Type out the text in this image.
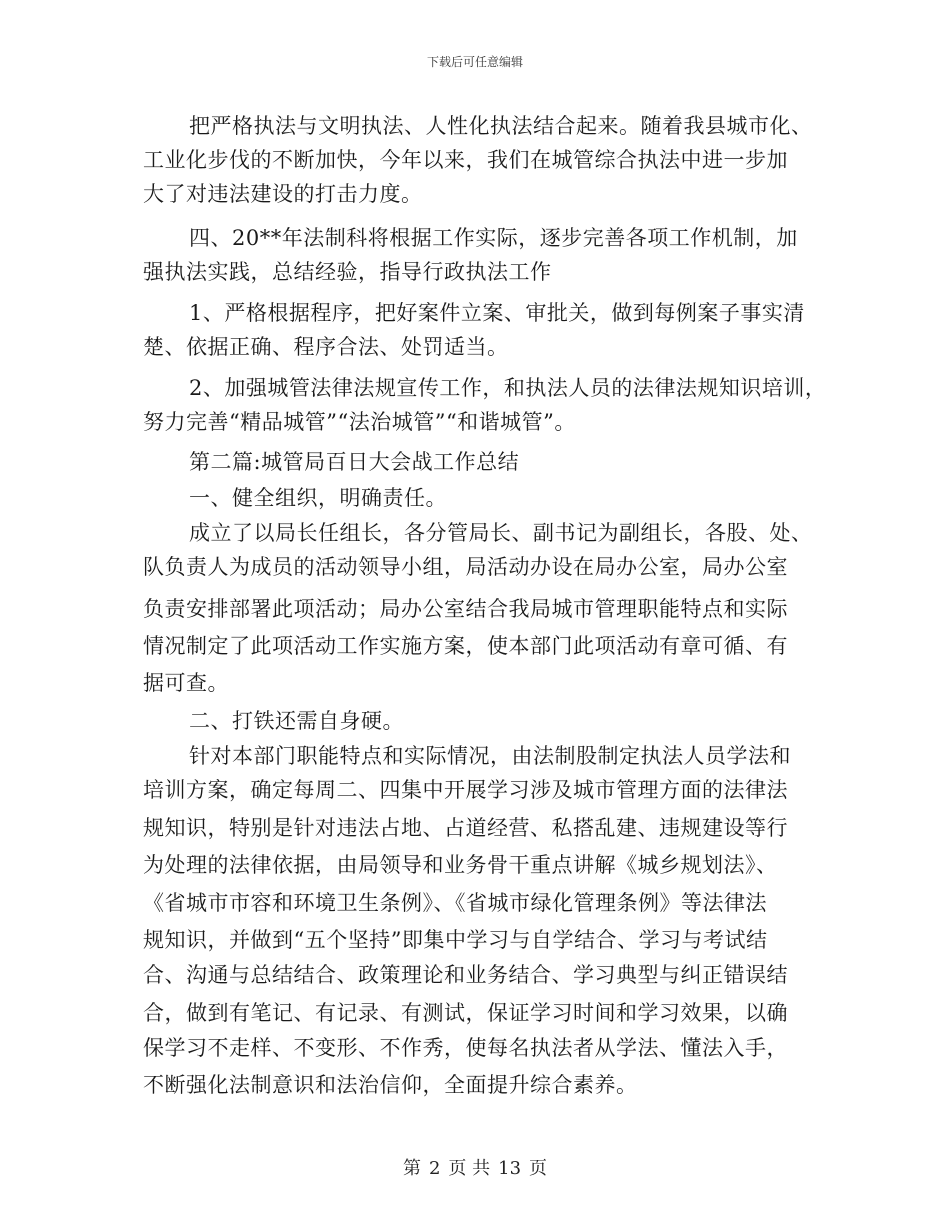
下载后可任意编辑
把严格执法与文明执法、人性化执法结合起来。随着我县城市化、
工业化步伐的不断加快，今年以来，我们在城管综合执法中进一步加
大了对违法建设的打击力度。
四、20**年法制科将根据工作实际，逐步完善各项工作机制，加
强执法实践，总结经验，指导行政执法工作
1、严格根据程序，把好案件立案、审批关，做到每例案子事实清
楚、依据正确、程序合法、处罚适当。
2、加强城管法律法规宣传工作，和执法人员的法律法规知识培训，
努力完善“精品城管”“法治城管”“和谐城管”。
第二篇:城管局百日大会战工作总结
一、健全组织，明确责任。
成立了以局长任组长，各分管局长、副书记为副组长，各股、处、
队负责人为成员的活动领导小组，局活动办设在局办公室，局办公室
负责安排部署此项活动；局办公室结合我局城市管理职能特点和实际
情况制定了此项活动工作实施方案，使本部门此项活动有章可循、有
据可查。
二、打铁还需自身硬。
针对本部门职能特点和实际情况，由法制股制定执法人员学法和
培训方案，确定每周二、四集中开展学习涉及城市管理方面的法律法
规知识，特别是针对违法占地、占道经营、私搭乱建、违规建设等行
为处理的法律依据，由局领导和业务骨干重点讲解《城乡规划法》、
《省城市市容和环境卫生条例》、《省城市绿化管理条例》等法律法
规知识，并做到“五个坚持”即集中学习与自学结合、学习与考试结
合、沟通与总结结合、政策理论和业务结合、学习典型与纠正错误结
合，做到有笔记、有记录、有测试，保证学习时间和学习效果，以确
保学习不走样、不变形、不作秀，使每名执法者从学法、懂法入手，
不断强化法制意识和法治信仰，全面提升综合素养。
第 2 页 共 13 页
